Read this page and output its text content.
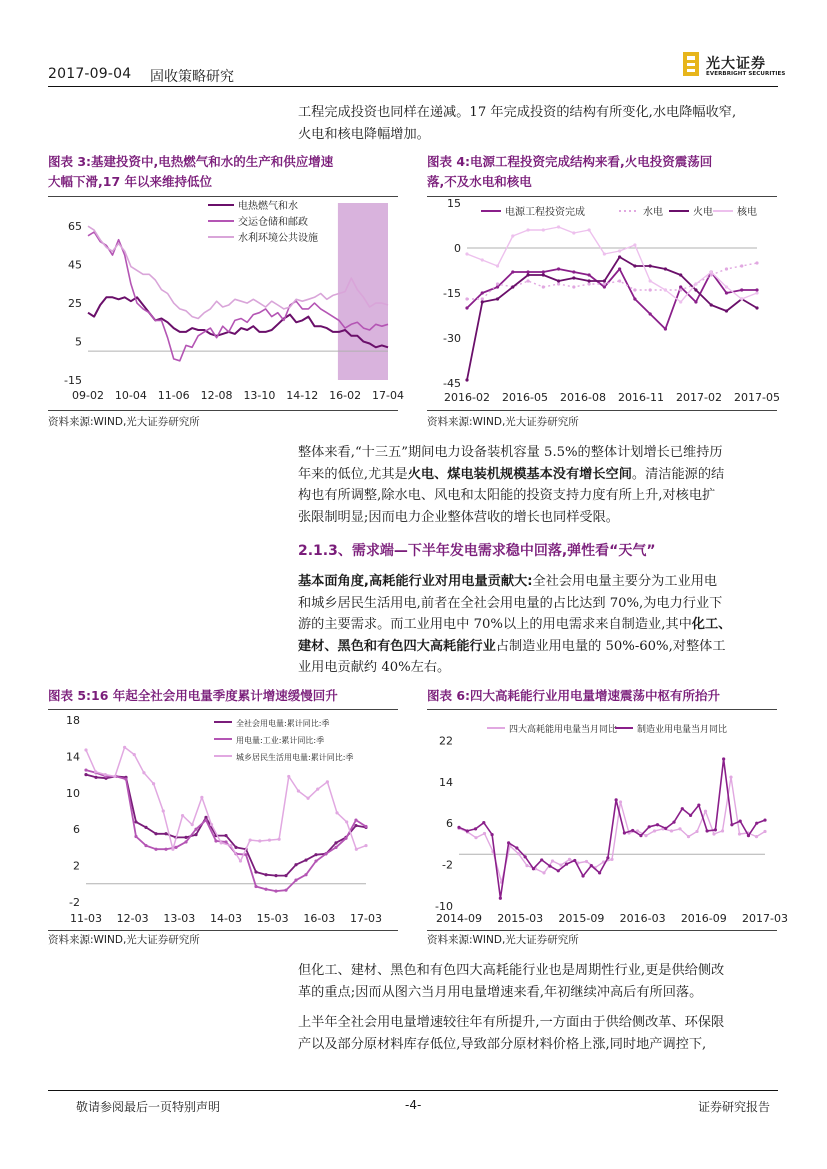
2017-09-04 固收策略研究
光大证券
EVERBRIGHT SECURITIES
工程完成投资也同样在递减。17 年完成投资的结构有所变化,水电降幅收窄,
火电和核电降幅增加。
图表 3:基建投资中,电热燃气和水的生产和供应增速
大幅下滑,17 年以来维持低位
图表 4:电源工程投资完成结构来看,火电投资震荡回
落,不及水电和核电
-15
5
25
45
65
09-02 10-04 11-06 12-08 13-10 14-12 16-02 17-04
电热燃气和水
交运仓储和邮政
水利环境公共设施
资料来源:WIND,光大证券研究所
-45
-30
-15
0
15
2016-02 2016-05 2016-08 2016-11 2017-02 2017-05
电源工程投资完成	水电	火电 核电
资料来源:WIND,光大证券研究所
整体来看,“十三五”期间电力设备装机容量 5.5%的整体计划增长已维持历
年来的低位,尤其是火电、煤电装机规模基本没有增长空间。清洁能源的结
构也有所调整,除水电、风电和太阳能的投资支持力度有所上升,对核电扩
张限制明显;因而电力企业整体营收的增长也同样受限。
2.1.3、需求端—下半年发电需求稳中回落,弹性看“天气”
基本面角度,高耗能行业对用电量贡献大:全社会用电量主要分为工业用电
和城乡居民生活用电,前者在全社会用电量的占比达到 70%,为电力行业下
游的主要需求。而工业用电中 70%以上的用电需求来自制造业,其中化工、
建材、黑色和有色四大高耗能行业占制造业用电量的 50%-60%,对整体工
业用电贡献约 40%左右。
图表 5:16 年起全社会用电量季度累计增速缓慢回升	图表 6:四大高耗能行业用电量增速震荡中枢有所抬升
-2
2
6
10
14
18
11-03 12-03 13-03 14-03 15-03 16-03 17-03
全社会用电量:累计同比:季
用电量:工业:累计同比:季
城乡居民生活用电量:累计同比:季
资料来源:WIND,光大证券研究所
-10
-2
6
14
22
2014-09 2015-03 2015-09 2016-03 2016-09 2017-03
四大高耗能用电量当月同比 制造业用电量当月同比
资料来源:WIND,光大证券研究所
但化工、建材、黑色和有色四大高耗能行业也是周期性行业,更是供给侧改
革的重点;因而从图六当月用电量增速来看,年初继续冲高后有所回落。
上半年全社会用电量增速较往年有所提升,一方面由于供给侧改革、环保限
产以及部分原材料库存低位,导致部分原材料价格上涨,同时地产调控下,
敬请参阅最后一页特别声明	-4-	证券研究报告
